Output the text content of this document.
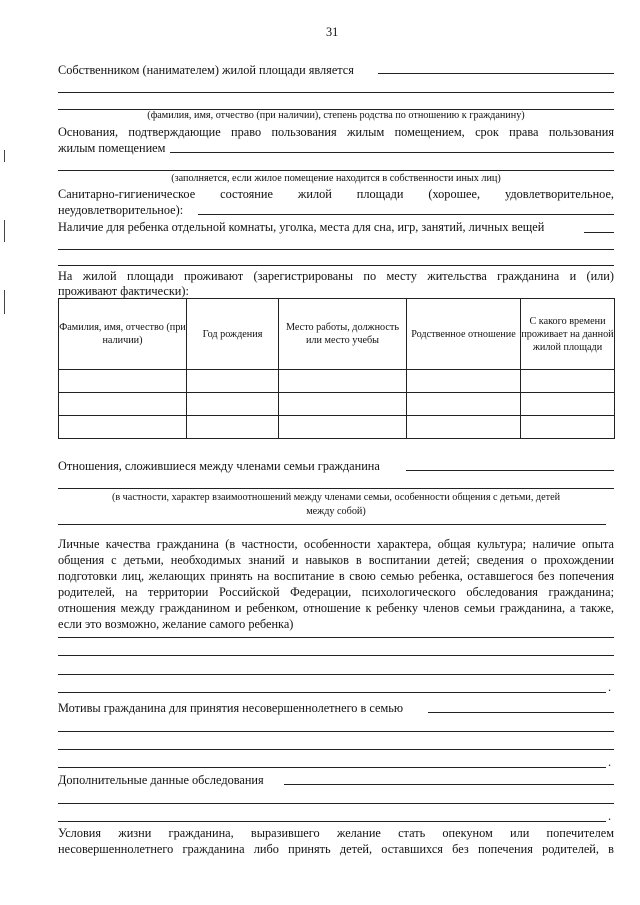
31
Собственником (нанимателем) жилой площади является
(фамилия, имя, отчество (при наличии), степень родства по отношению к гражданину)
Основания, подтверждающие право пользования жилым помещением, срок права пользования
жилым помещением
(заполняется, если жилое помещение находится в собственности иных лиц)
Санитарно-гигиеническое состояние жилой площади (хорошее, удовлетворительное,
неудовлетворительное):
Наличие для ребенка отдельной комнаты, уголка, места для сна, игр, занятий, личных вещей
На жилой площади проживают (зарегистрированы по месту жительства гражданина и (или)
проживают фактически):
Фамилия, имя, отчество (при наличии)	Год рождения	Место работы, должность или место учебы	Родственное отношение	С какого времени проживает на данной жилой площади

Отношения, сложившиеся между членами семьи гражданина
(в частности, характер взаимоотношений между членами семьи, особенности общения с детьми, детей
между собой)
Личные качества гражданина (в частности, особенности характера, общая культура; наличие опыта общения с детьми, необходимых знаний и навыков в воспитании детей; сведения о прохождении подготовки лиц, желающих принять на воспитание в свою семью ребенка, оставшегося без попечения родителей, на территории Российской Федерации, психологического обследования гражданина; отношения между гражданином и ребенком, отношение к ребенку членов семьи гражданина, а также, если это возможно, желание самого ребенка)
.
Мотивы гражданина для принятия несовершеннолетнего в семью
.
Дополнительные данные обследования
.
Условия жизни гражданина, выразившего желание стать опекуном или попечителем
несовершеннолетнего гражданина либо принять детей, оставшихся без попечения родителей, в
